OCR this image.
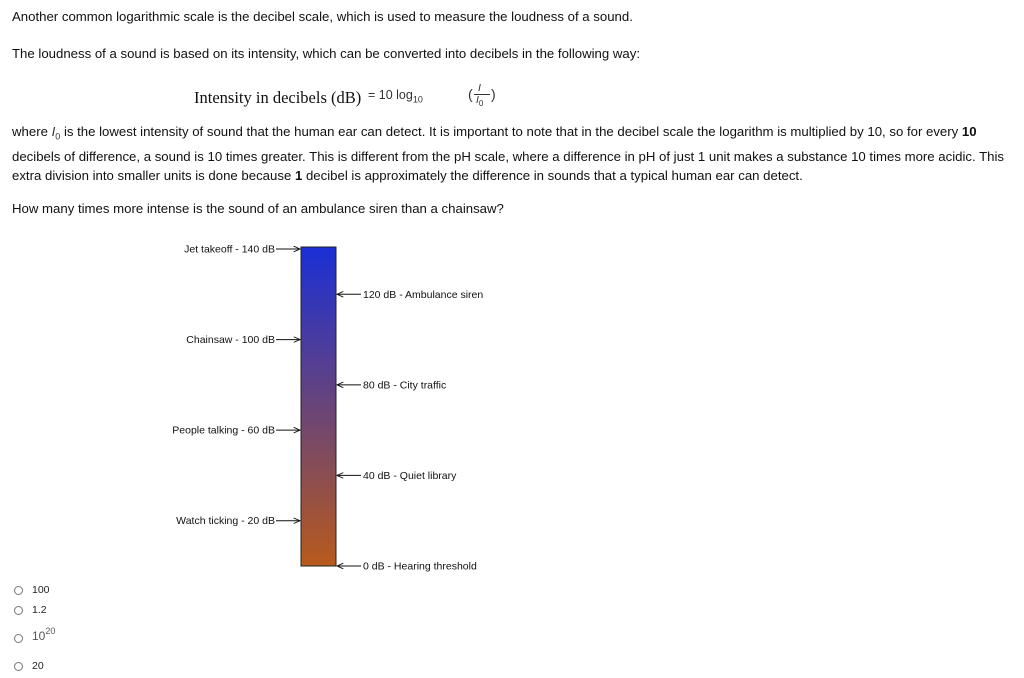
Another common logarithmic scale is the decibel scale, which is used to measure the loudness of a sound.

The loudness of a sound is based on its intensity, which can be converted into decibels in the following way:

Intensity in decibels (dB) = 10 $\log_{10}$	( I
$I_0$
)

where $I_0$ is the lowest intensity of sound that the human ear can detect. It is important to note that in the decibel scale the logarithm is multiplied by 10, so for every 10 decibels of difference, a sound is 10 times greater. This is different from the pH scale, where a difference in pH of just 1 unit makes a substance 10 times more acidic. This extra division into smaller units is done because 1 decibel is approximately the difference in sounds that a typical human ear can detect.

How many times more intense is the sound of an ambulance siren than a chainsaw?

Jet takeoff - 140 dB
Chainsaw - 100 dB
People talking - 60 dB
Watch ticking - 20 dB
120 dB - Ambulance siren
80 dB - City traffic
40 dB - Quiet library
0 dB - Hearing threshold
100
1.2
$10^{20}$
20
